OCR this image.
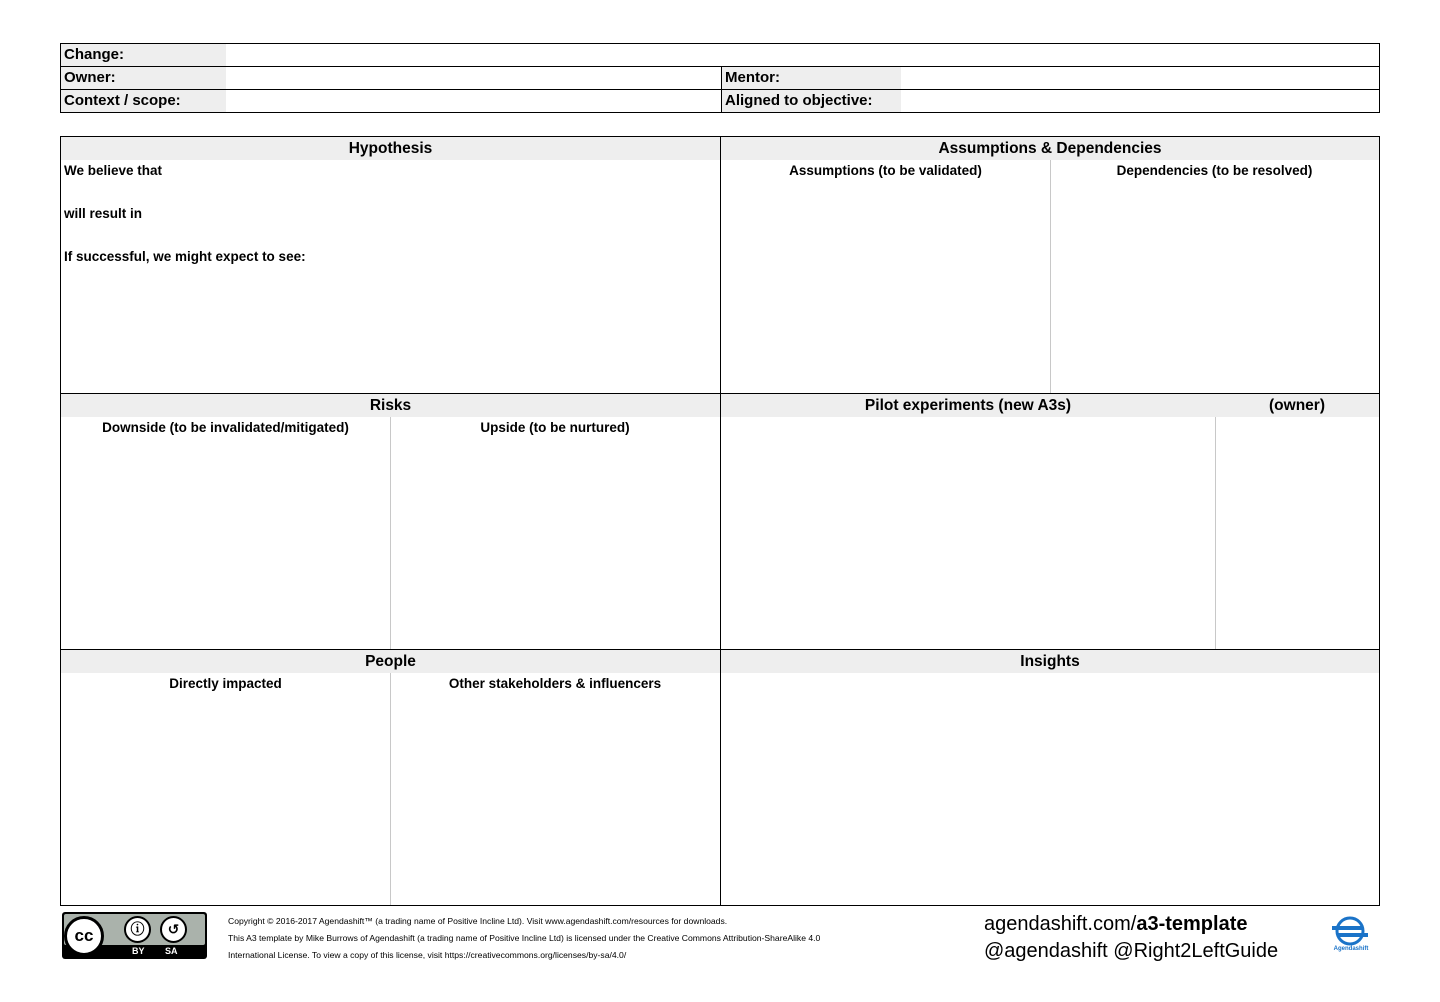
Change:
Owner:	Mentor:
Context / scope:	Aligned to objective:
Hypothesis
We believe that
will result in
If successful, we might expect to see:
Assumptions & Dependencies
Assumptions (to be validated)	Dependencies (to be resolved)
Risks
Downside (to be invalidated/mitigated)	Upside (to be nurtured)
Pilot experiments (new A3s)	(owner)
People
Directly impacted	Other stakeholders & influencers
Insights
cc	ⓘ	↺
BY SA
Copyright © 2016-2017 Agendashift™ (a trading name of Positive Incline Ltd). Visit www.agendashift.com/resources for downloads.
This A3 template by Mike Burrows of Agendashift (a trading name of Positive Incline Ltd) is licensed under the Creative Commons Attribution-ShareAlike 4.0
International License. To view a copy of this license, visit https://creativecommons.org/licenses/by-sa/4.0/
agendashift.com/a3-template
@agendashift @Right2LeftGuide	Agendashift
